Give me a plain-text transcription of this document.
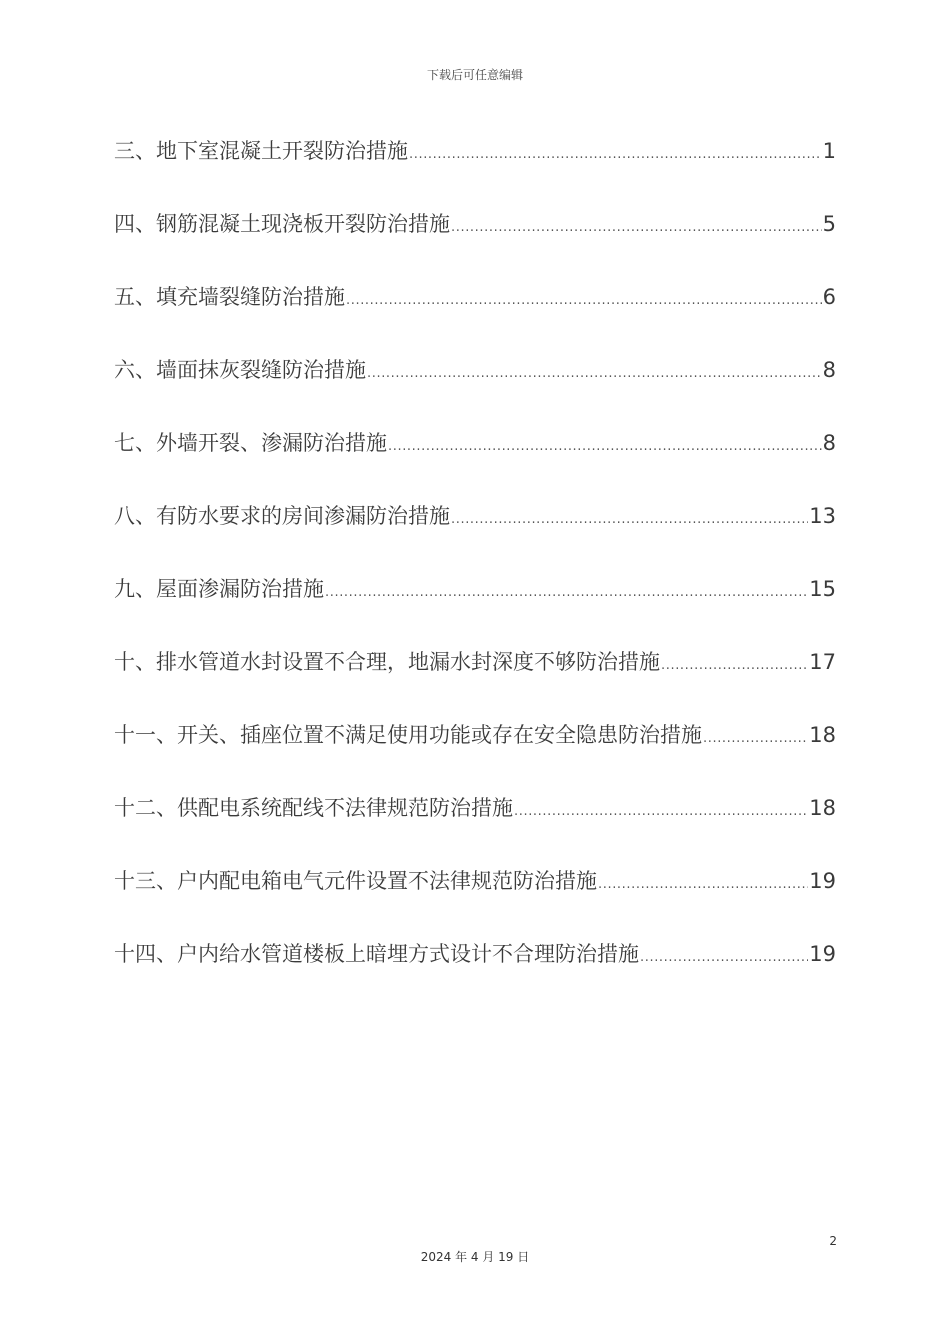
下载后可任意编辑
三、地下室混凝土开裂防治措施 .....	1
四、钢筋混凝土现浇板开裂防治措施 .....	5
五、填充墙裂缝防治措施 .....	6
六、墙面抹灰裂缝防治措施 .....	8
七、外墙开裂、渗漏防治措施 .....	8
八、有防水要求的房间渗漏防治措施 .....	13
九、屋面渗漏防治措施 .....	15
十、排水管道水封设置不合理，地漏水封深度不够防治措施 .....	17
十一、开关、插座位置不满足使用功能或存在安全隐患防治措施 .....	18
十二、供配电系统配线不法律规范防治措施 .....	18
十三、户内配电箱电气元件设置不法律规范防治措施 .....	19
十四、户内给水管道楼板上暗埋方式设计不合理防治措施 .....	19
2
2024 年 4 月 19 日
